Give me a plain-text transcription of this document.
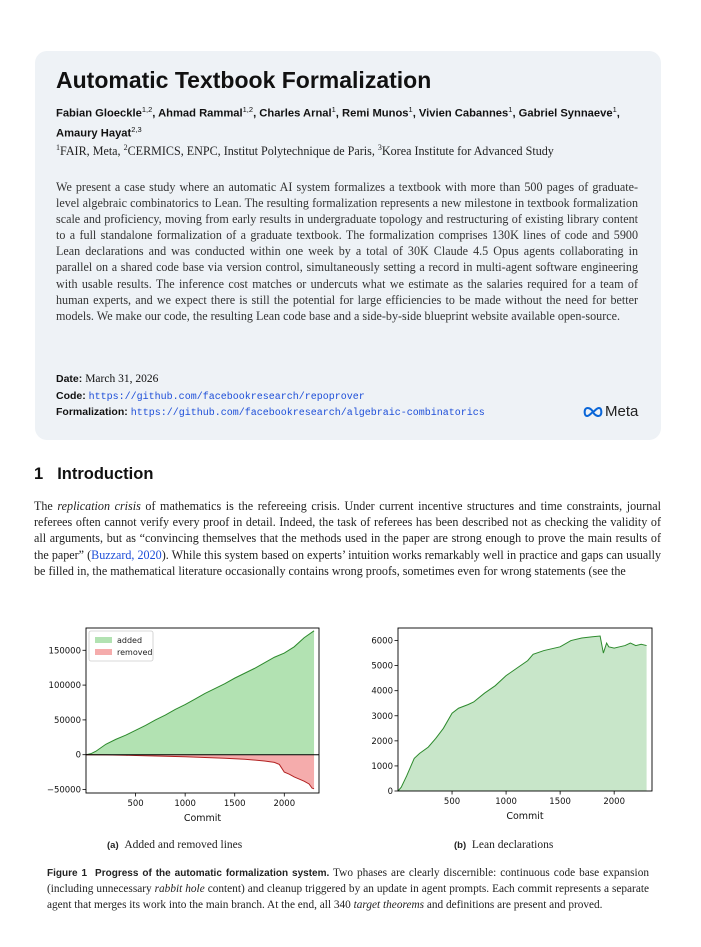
Automatic Textbook Formalization
Fabian Gloeckle$^{1,2}$, Ahmad Rammal$^{1,2}$, Charles Arnal$^1$, Remi Munos$^1$, Vivien Cabannes$^1$, Gabriel Synnaeve$^1$, Amaury Hayat$^{2,3}$
$^1$FAIR, Meta, $^2$CERMICS, ENPC, Institut Polytechnique de Paris, $^3$Korea Institute for Advanced Study
We present a case study where an automatic AI system formalizes a textbook with more than 500 pages of graduate-level algebraic combinatorics to Lean. The resulting formalization represents a new milestone in textbook formalization scale and proficiency, moving from early results in undergraduate topology and restructuring of existing library content to a full standalone formalization of a graduate textbook. The formalization comprises 130K lines of code and 5900 Lean declarations and was conducted within one week by a total of 30K Claude 4.5 Opus agents collaborating in parallel on a shared code base via version control, simultaneously setting a record in multi-agent software engineering with usable results. The inference cost matches or undercuts what we estimate as the salaries required for a team of human experts, and we expect there is still the potential for large efficiencies to be made without the need for better models. We make our code, the resulting Lean code base and a side-by-side blueprint website available open-source.
Date: March 31, 2026
Code: https://github.com/facebookresearch/repoprover
Formalization: https://github.com/facebookresearch/algebraic-combinatorics	Meta
1 Introduction
The replication crisis of mathematics is the refereeing crisis. Under current incentive structures and time constraints, journal referees often cannot verify every proof in detail. Indeed, the task of referees has been described not as checking the validity of all arguments, but as “convincing themselves that the methods used in the paper are strong enough to prove the main results of the paper” (Buzzard, 2020). While this system based on experts’ intuition works remarkably well in practice and gaps can usually be filled in, the mathematical literature occasionally contains wrong proofs, sometimes even for wrong statements (see the
added
removed
500	1000	1500	2000
−50000
0
50000
100000
150000
Commit
500	1000	1500	2000
0
1000
2000
3000
4000
5000
6000
Commit
(a) Added and removed lines	(b) Lean declarations
Figure 1 Progress of the automatic formalization system. Two phases are clearly discernible: continuous code base expansion (including unnecessary rabbit hole content) and cleanup triggered by an update in agent prompts. Each commit represents a separate agent that merges its work into the main branch. At the end, all 340 target theorems and definitions are present and proved.
